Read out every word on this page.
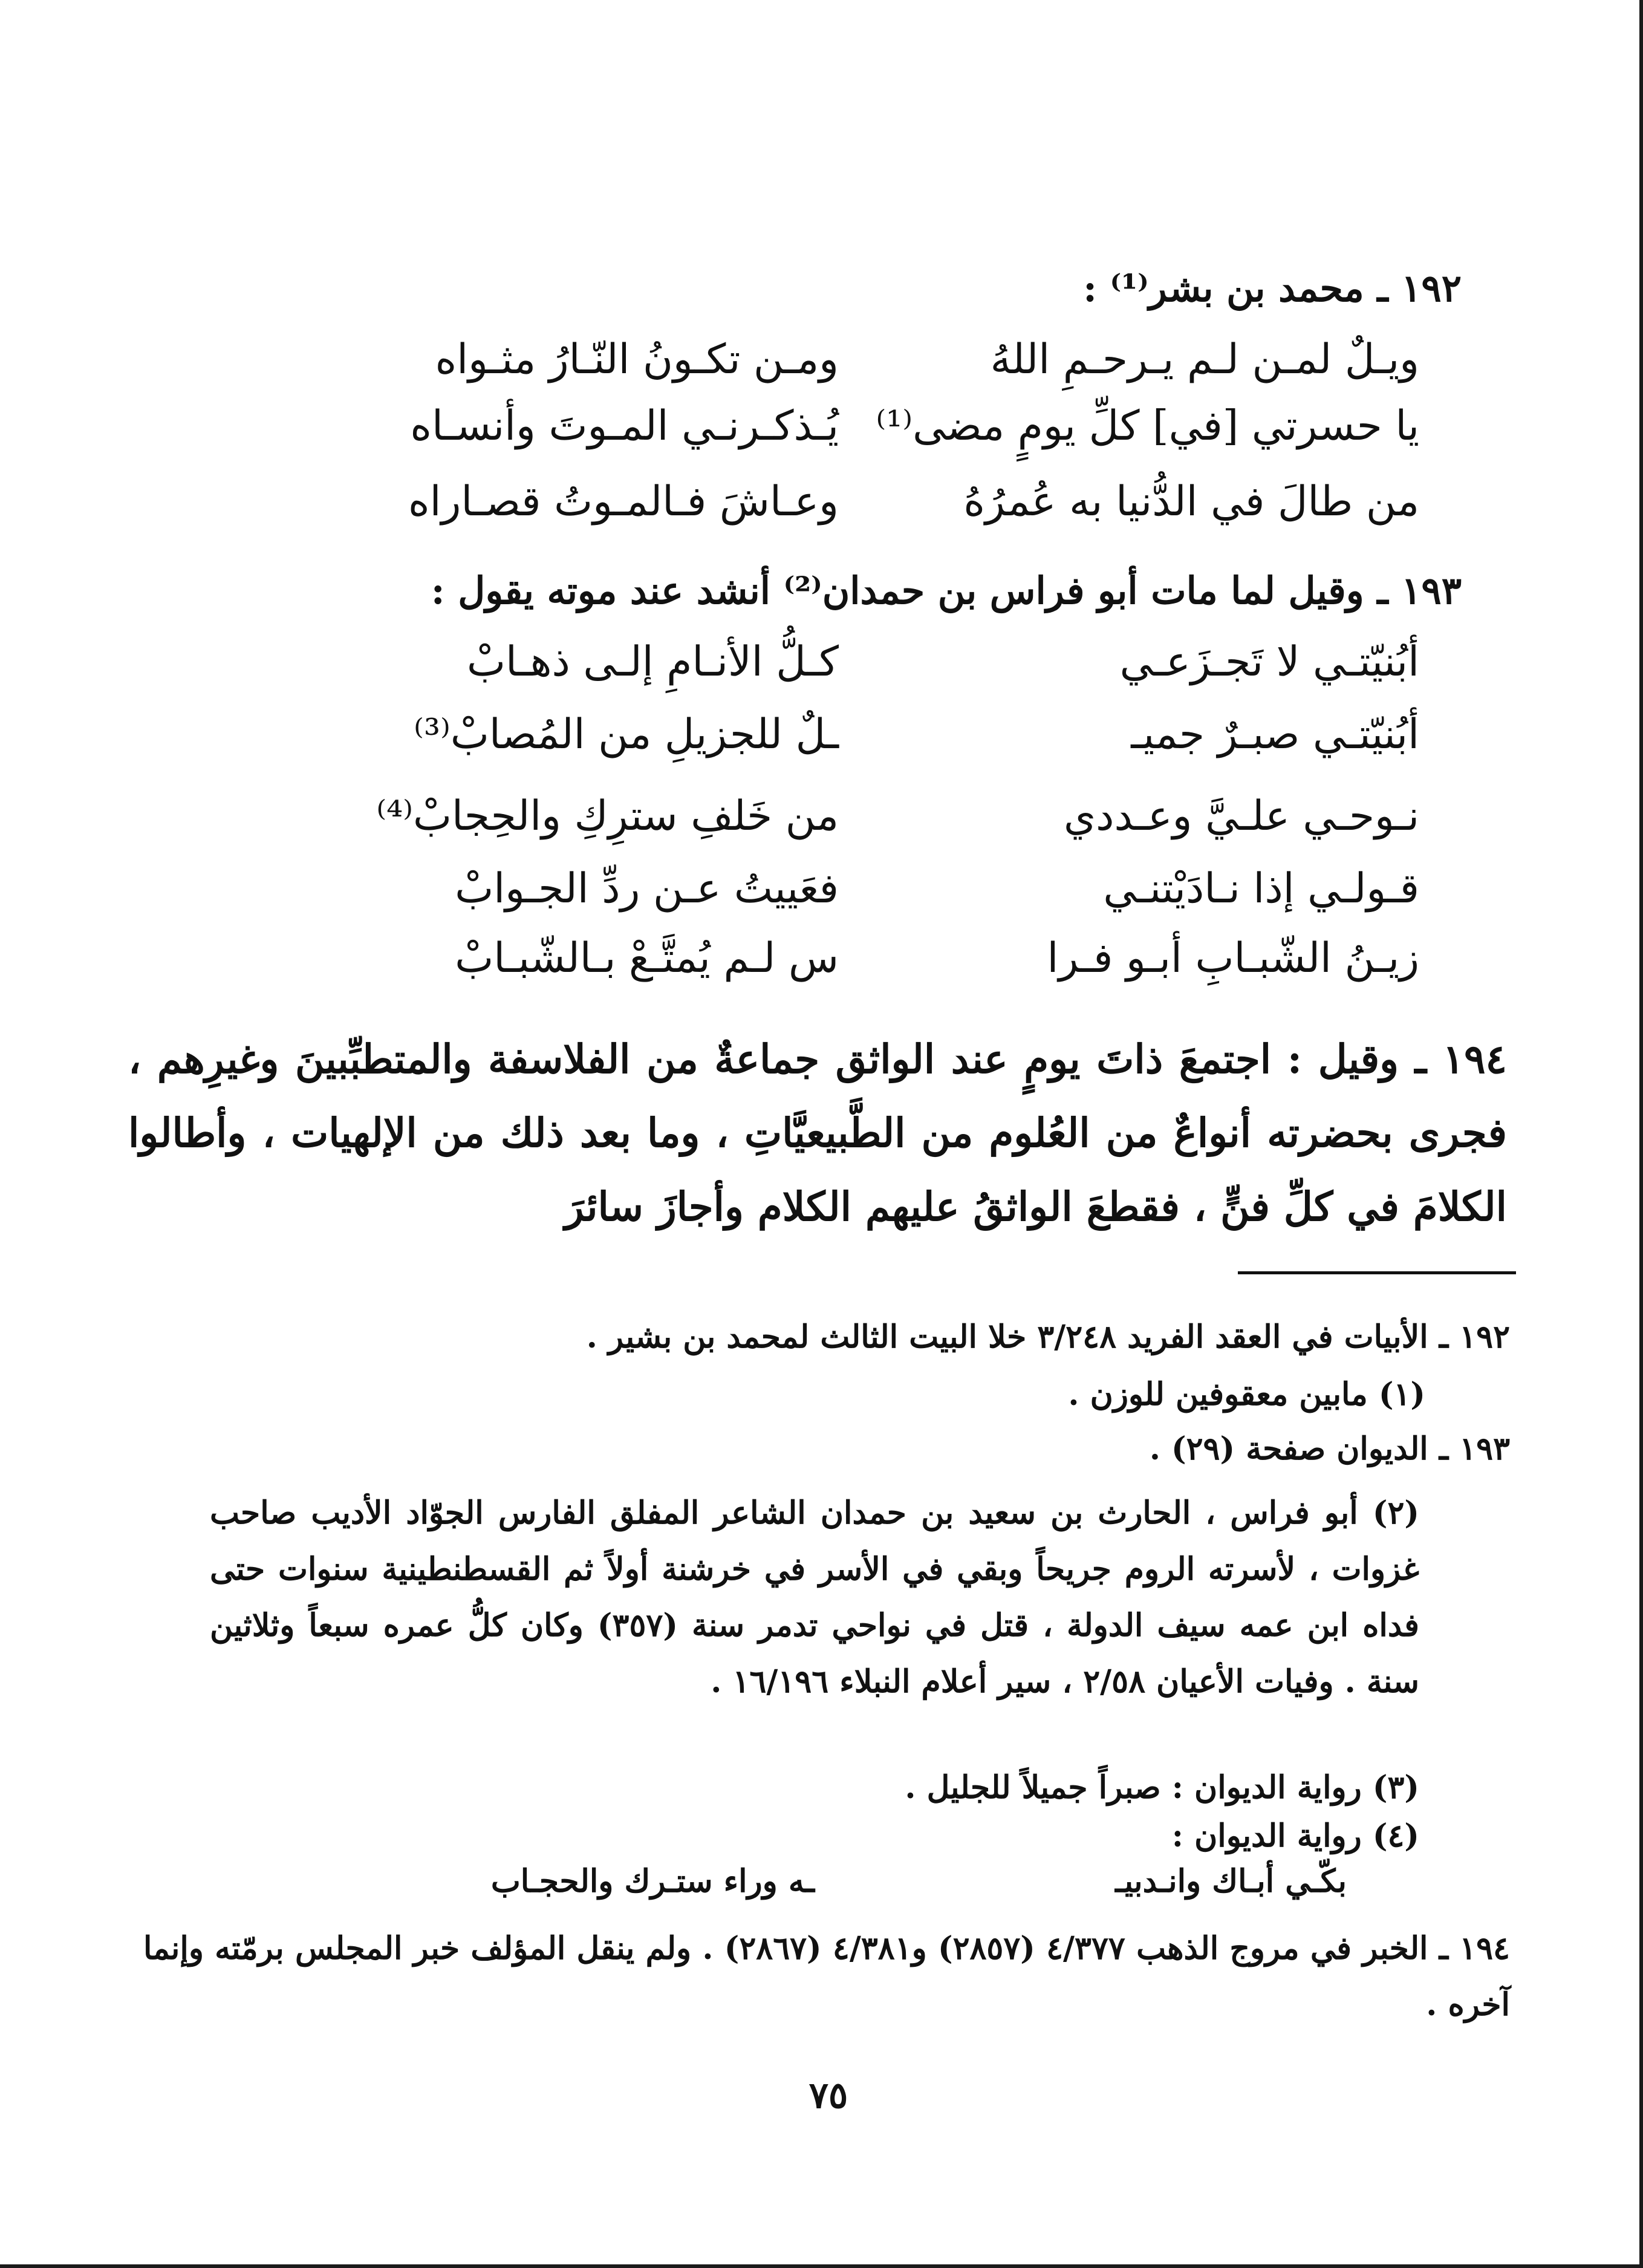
١٩٢ ـ محمد بن بشر⁽¹⁾ :
ويـلٌ لمـن لـم يـرحـمِ اللهُ
ومـن تكـونُ النّـارُ مثـواه
يا حسرتي [في] كلِّ يومٍ مضى⁽¹⁾
يُـذكـرنـي المـوتَ وأنسـاه
من طالَ في الدُّنيا به عُمرُهُ
وعـاشَ فـالمـوتُ قصـاراه
١٩٣ ـ وقيل لما مات أبو فراس بن حمدان⁽²⁾ أنشد عند موته يقول :
أبُنيّتـي لا تَجـزَعـي
كـلُّ الأنـامِ إلـى ذهـابْ
أبُنيّتـي صبـرٌ جميـ
ـلٌ للجزيلِ من المُصابْ⁽³⁾
نـوحـي علـيَّ وعـددي
من خَلفِ سترِكِ والحِجابْ⁽⁴⁾
قـولـي إذا نـادَيْتنـي
فعَييتُ عـن ردِّ الجـوابْ
زيـنُ الشّبـابِ أبـو فـرا
س لـم يُمتَّـعْ بـالشّبـابْ
١٩٤ ـ وقيل : اجتمعَ ذاتَ يومٍ عند الواثق جماعةٌ من الفلاسفة والمتطبِّبينَ وغيرِهم ، فجرى بحضرته أنواعٌ من العُلوم من الطَّبيعيَّاتِ ، وما بعد ذلك من الإلهيات ، وأطالوا الكلامَ في كلِّ فنٍّ ، فقطعَ الواثقُ عليهم الكلام وأجازَ سائرَ
١٩٢ ـ الأبيات في العقد الفريد ٣/٢٤٨ خلا البيت الثالث لمحمد بن بشير .
(١) مابين معقوفين للوزن .
١٩٣ ـ الديوان صفحة (٢٩) .
(٢) أبو فراس ، الحارث بن سعيد بن حمدان الشاعر المفلق الفارس الجوّاد الأديب صاحب غزوات ، لأسرته الروم جريحاً وبقي في الأسر في خرشنة أولاً ثم القسطنطينية سنوات حتى فداه ابن عمه سيف الدولة ، قتل في نواحي تدمر سنة (٣٥٧) وكان كلُّ عمره سبعاً وثلاثين سنة . وفيات الأعيان ٢/٥٨ ، سير أعلام النبلاء ١٦/١٩٦ .
(٣) رواية الديوان : صبراً جميلاً للجليل .
(٤) رواية الديوان :
بكّـي أبـاك وانـدبيـ
ـه وراء ستـرك والحجـاب
١٩٤ ـ الخبر في مروج الذهب ٤/٣٧٧ (٢٨٥٧) و٤/٣٨١ (٢٨٦٧) . ولم ينقل المؤلف خبر المجلس برمّته وإنما آخره .
٧٥
